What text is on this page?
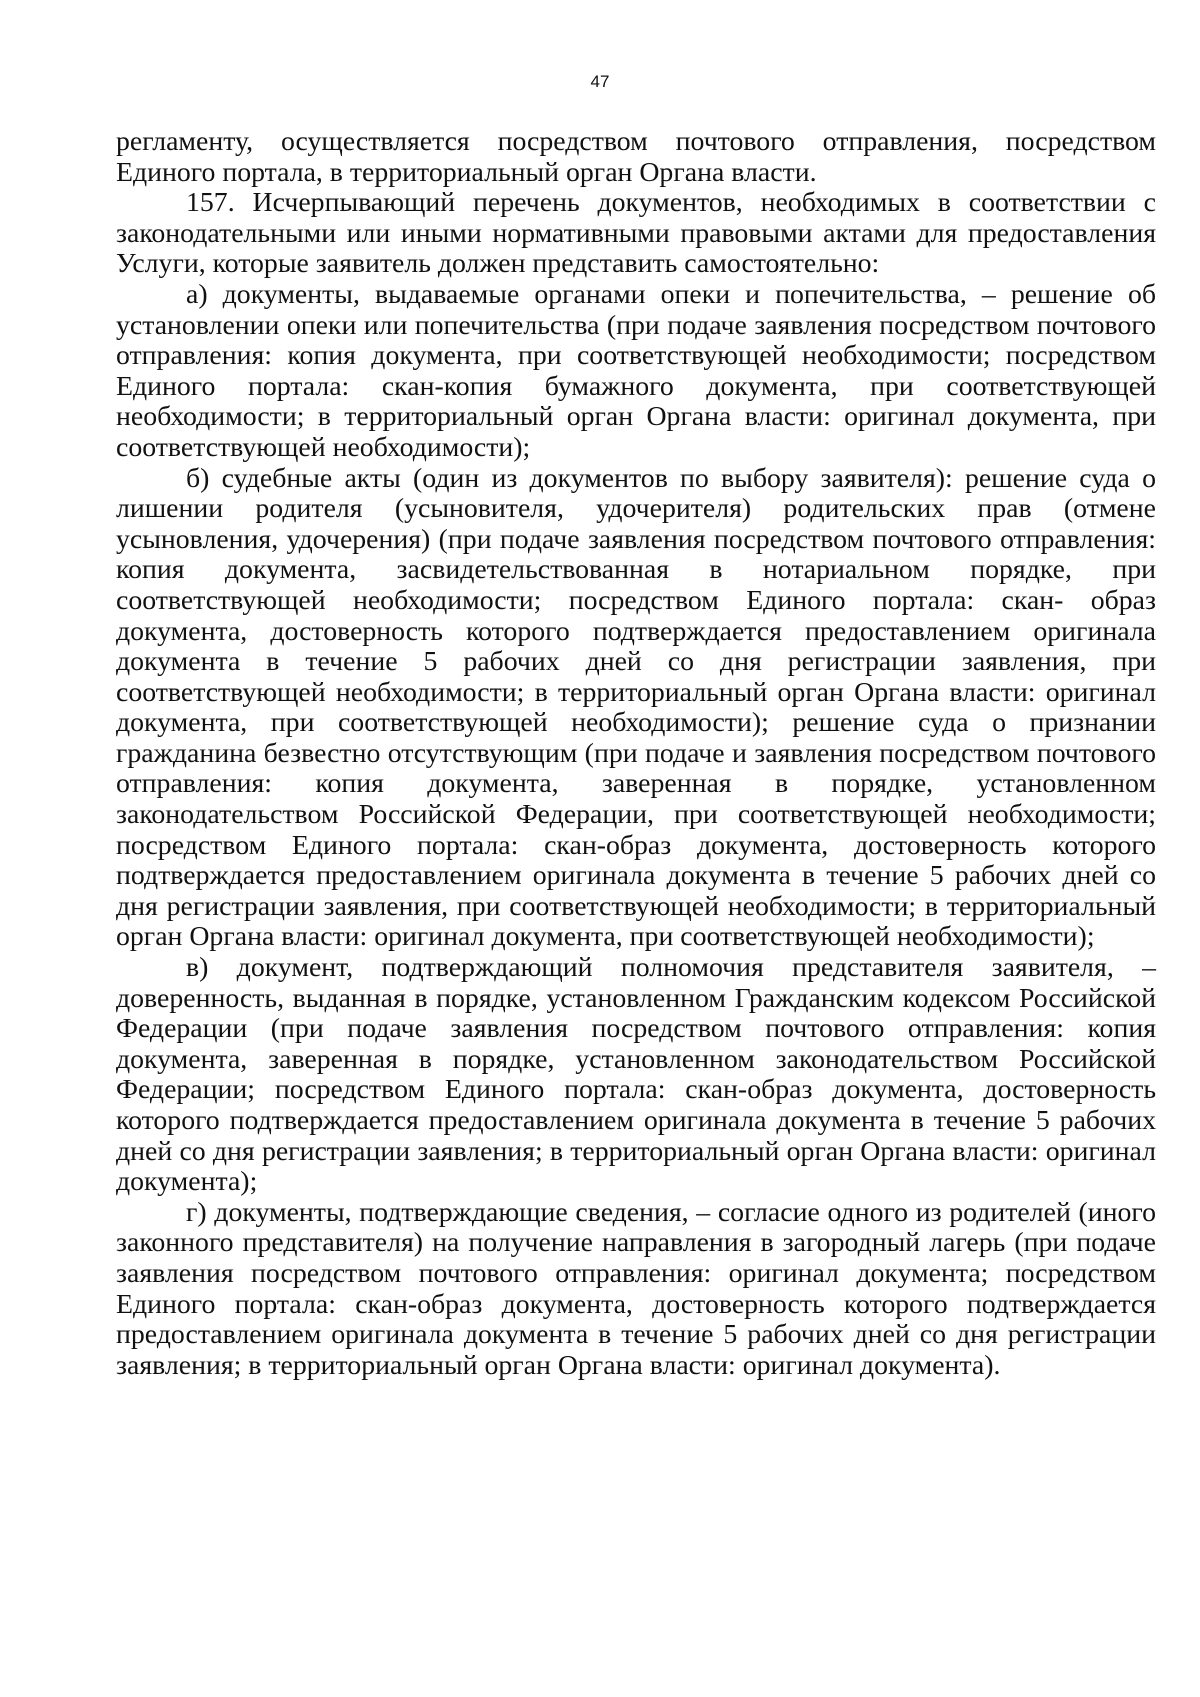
47

регламенту, осуществляется посредством почтового отправления, посредством Единого портала, в территориальный орган Органа власти.

157. Исчерпывающий перечень документов, необходимых в соответствии с законодательными или иными нормативными правовыми актами для предоставления Услуги, которые заявитель должен представить самостоятельно:

а) документы, выдаваемые органами опеки и попечительства, – решение об установлении опеки или попечительства (при подаче заявления посредством почтового отправления: копия документа, при соответствующей необходимости; посредством Единого портала: скан-копия бумажного документа, при соответствующей необходимости; в территориальный орган Органа власти: оригинал документа, при соответствующей необходимости);

б) судебные акты (один из документов по выбору заявителя): решение суда о лишении родителя (усыновителя, удочерителя) родительских прав (отмене усыновления, удочерения) (при подаче заявления посредством почтового отправления: копия документа, засвидетельствованная в нотариальном порядке, при соответствующей необходимости; посредством Единого портала: скан- образ документа, достоверность которого подтверждается предоставлением оригинала документа в течение 5 рабочих дней со дня регистрации заявления, при соответствующей необходимости; в территориальный орган Органа власти: оригинал документа, при соответствующей необходимости); решение суда о признании гражданина безвестно отсутствующим (при подаче и заявления посредством почтового отправления: копия документа, заверенная в порядке, установленном законодательством Российской Федерации, при соответствующей необходимости; посредством Единого портала: скан-образ документа, достоверность которого подтверждается предоставлением оригинала документа в течение 5 рабочих дней со дня регистрации заявления, при соответствующей необходимости; в территориальный орган Органа власти: оригинал документа, при соответствующей необходимости);

в) документ, подтверждающий полномочия представителя заявителя, – доверенность, выданная в порядке, установленном Гражданским кодексом Российской Федерации (при подаче заявления посредством почтового отправления: копия документа, заверенная в порядке, установленном законодательством Российской Федерации; посредством Единого портала: скан-образ документа, достоверность которого подтверждается предоставлением оригинала документа в течение 5 рабочих дней со дня регистрации заявления; в территориальный орган Органа власти: оригинал документа);

г) документы, подтверждающие сведения, – согласие одного из родителей (иного законного представителя) на получение направления в загородный лагерь (при подаче заявления посредством почтового отправления: оригинал документа; посредством Единого портала: скан-образ документа, достоверность которого подтверждается предоставлением оригинала документа в течение 5 рабочих дней со дня регистрации заявления; в территориальный орган Органа власти: оригинал документа).
